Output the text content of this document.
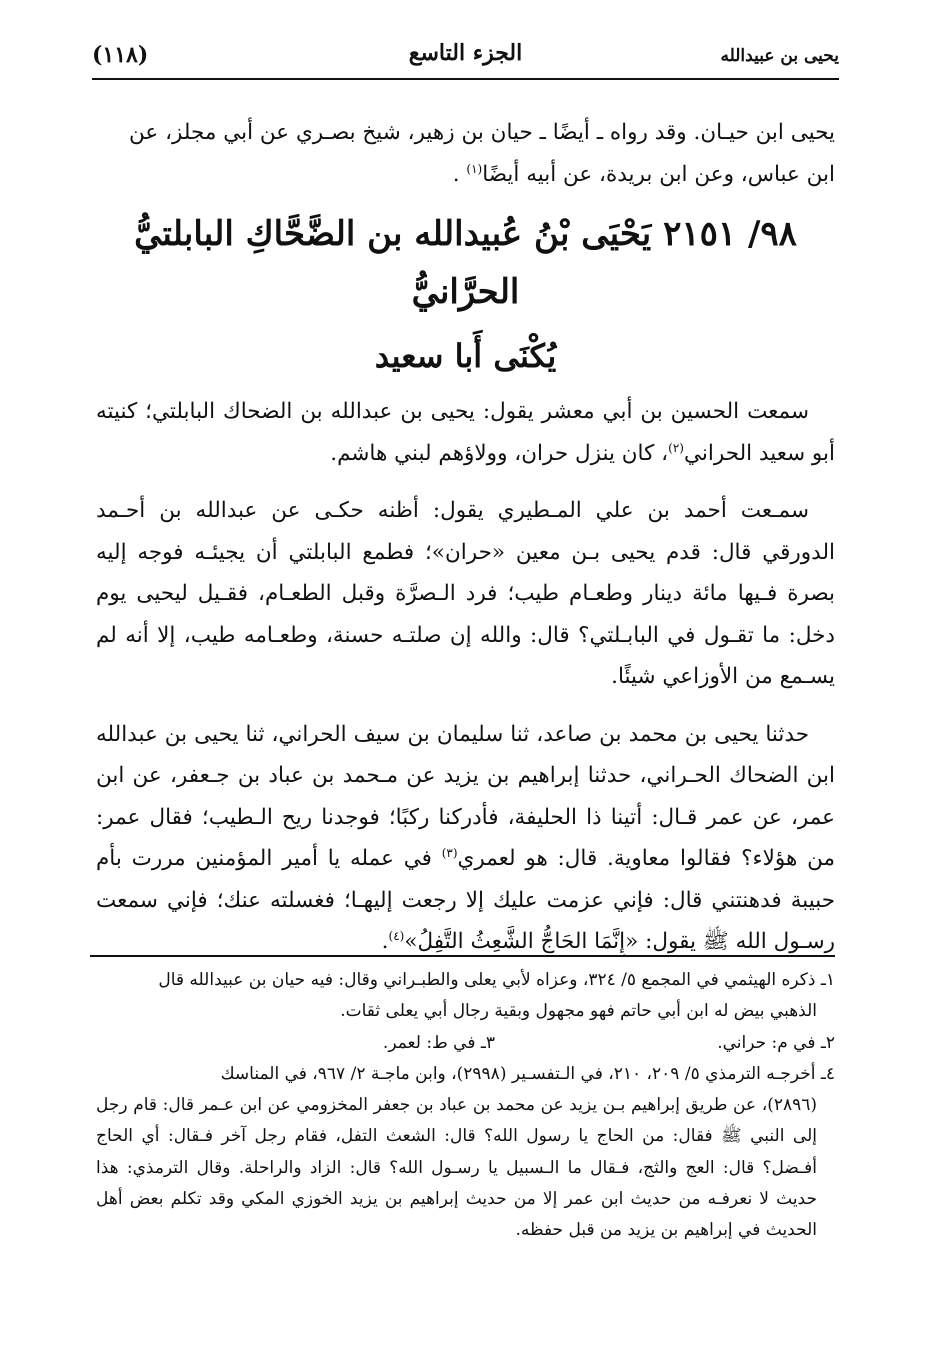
(١١٨)	الجزء التاسع	يحيى بن عبيدالله

يحيى ابن حيـان. وقد رواه ـ أيضًا ـ حيان بن زهير، شيخ بصـري عن أبي مجلز، عن

ابن عباس، وعن ابن بريدة، عن أبيه أيضًا$^{(١)}$ .

٩٨/ ٢١٥١ يَحْيَى بْنُ عُبيدالله بن الضَّحَّاكِ البابلتيُّ الحرَّانيُّ
يُكْنَى أَبا سعيد

سمعت الحسين بن أبي معشر يقول: يحيى بن عبدالله بن الضحاك البابلتي؛ كنيته أبو سعيد الحراني$^{(٢)}$، كان ينزل حران، وولاؤهم لبني هاشم.

سمـعت أحمد بن علي المـطيري يقول: أظنه حكـى عن عبدالله بن أحـمد الدورقي قال: قدم يحيى بـن معين «حران»؛ فطمع البابلتي أن يجيئـه فوجه إليه بصرة فـيها مائة دينار وطعـام طيب؛ فرد الـصرَّة وقبل الطعـام، فقـيل ليحيى يوم دخل: ما تقـول في البابـلتي؟ قال: والله إن صلتـه حسنة، وطعـامه طيب، إلا أنه لم يسـمع من الأوزاعي شيئًا.

حدثنا يحيى بن محمد بن صاعد، ثنا سليمان بن سيف الحراني، ثنا يحيى بن عبدالله ابن الضحاك الحـراني، حدثنا إبراهيم بن يزيد عن مـحمد بن عباد بن جـعفر، عن ابن عمر، عن عمر قـال: أتينا ذا الحليفة، فأدركنا ركبًا؛ فوجدنا ريح الـطيب؛ فقال عمر: من هؤلاء؟ فقالوا معاوية. قال: هو لعمري$^{(٣)}$ في عمله يا أمير المؤمنين مررت بأم حبيبة فدهنتني قال: فإني عزمت عليك إلا رجعت إليهـا؛ فغسلته عنك؛ فإني سمعت رسـول الله ﷺ يقول: «إِنَّمَا الحَاجُّ الشَّعِثُ التَّفِلُ»$^{(٤)}$.

١ـ ذكره الهيثمي في المجمع ٥/ ٣٢٤، وعزاه لأبي يعلى والطبـراني وقال: فيه حيان بن عبيدالله قال

الذهبي بيض له ابن أبي حاتم فهو مجهول وبقية رجال أبي يعلى ثقات.

٢ـ في م: حراني.
٣ـ في ط: لعمر.

٤ـ أخرجـه الترمذي ٥/ ٢٠٩، ٢١٠، في الـتفسـير (٢٩٩٨)، وابن ماجـة ٢/ ٩٦٧، في المناسك

(٢٨٩٦)، عن طريق إبراهيم بـن يزيد عن محمد بن عباد بن جعفر المخزومي عن ابن عـمر قال: قام رجل إلى النبي ﷺ فقال: من الحاج يا رسول الله؟ قال: الشعث التفل، فقام رجل آخر فـقال: أي الحاج أفـضل؟ قال: العج والثج، فـقال ما الـسبيل يا رسـول الله؟ قال: الزاد والراحلة. وقال الترمذي: هذا حديث لا نعرفـه من حديث ابن عمر إلا من حديث إبراهيم بن يزيد الخوزي المكي وقد تكلم بعض أهل الحديث في إبراهيم بن يزيد من قبل حفظه.
